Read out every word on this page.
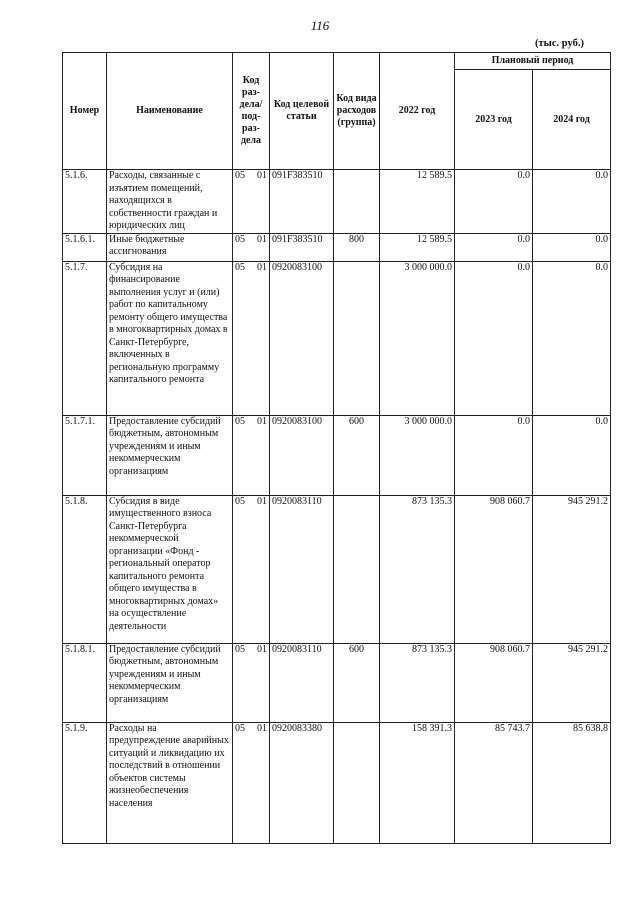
116
(тыс. руб.)
Номер	Наименование	Код раз-дела/ под-раз-дела	Код целевой статьи	Код вида расходов (группа)	2022 год	Плановый период	
						2023 год	2024 год
5.1.6.	Расходы, связанные с изъятием помещений, находящихся в собственности граждан и юридических лиц	05 01	091F383510		12 589.5	0.0	0.0
5.1.6.1.	Иные бюджетные ассигнования	05 01	091F383510	800	12 589.5	0.0	0.0
5.1.7.	Субсидия на финансирование выполнения услуг и (или) работ по капитальному ремонту общего имущества в многоквартирных домах в Санкт-Петербурге, включенных в региональную программу капитального ремонта	05 01	0920083100		3 000 000.0	0.0	0.0
5.1.7.1.	Предоставление субсидий бюджетным, автономным учреждениям и иным некоммерческим организациям	05 01	0920083100	600	3 000 000.0	0.0	0.0
5.1.8.	Субсидия в виде имущественного взноса Санкт-Петербурга некоммерческой организации «Фонд - региональный оператор капитального ремонта общего имущества в многоквартирных домах» на осуществление деятельности	05 01	0920083110		873 135.3	908 060.7	945 291.2
5.1.8.1.	Предоставление субсидий бюджетным, автономным учреждениям и иным некоммерческим организациям	05 01	0920083110	600	873 135.3	908 060.7	945 291.2
5.1.9.	Расходы на предупреждение аварийных ситуаций и ликвидацию их последствий в отношении объектов системы жизнеобеспечения населения	05 01	0920083380		158 391.3	85 743.7	85 638.8
